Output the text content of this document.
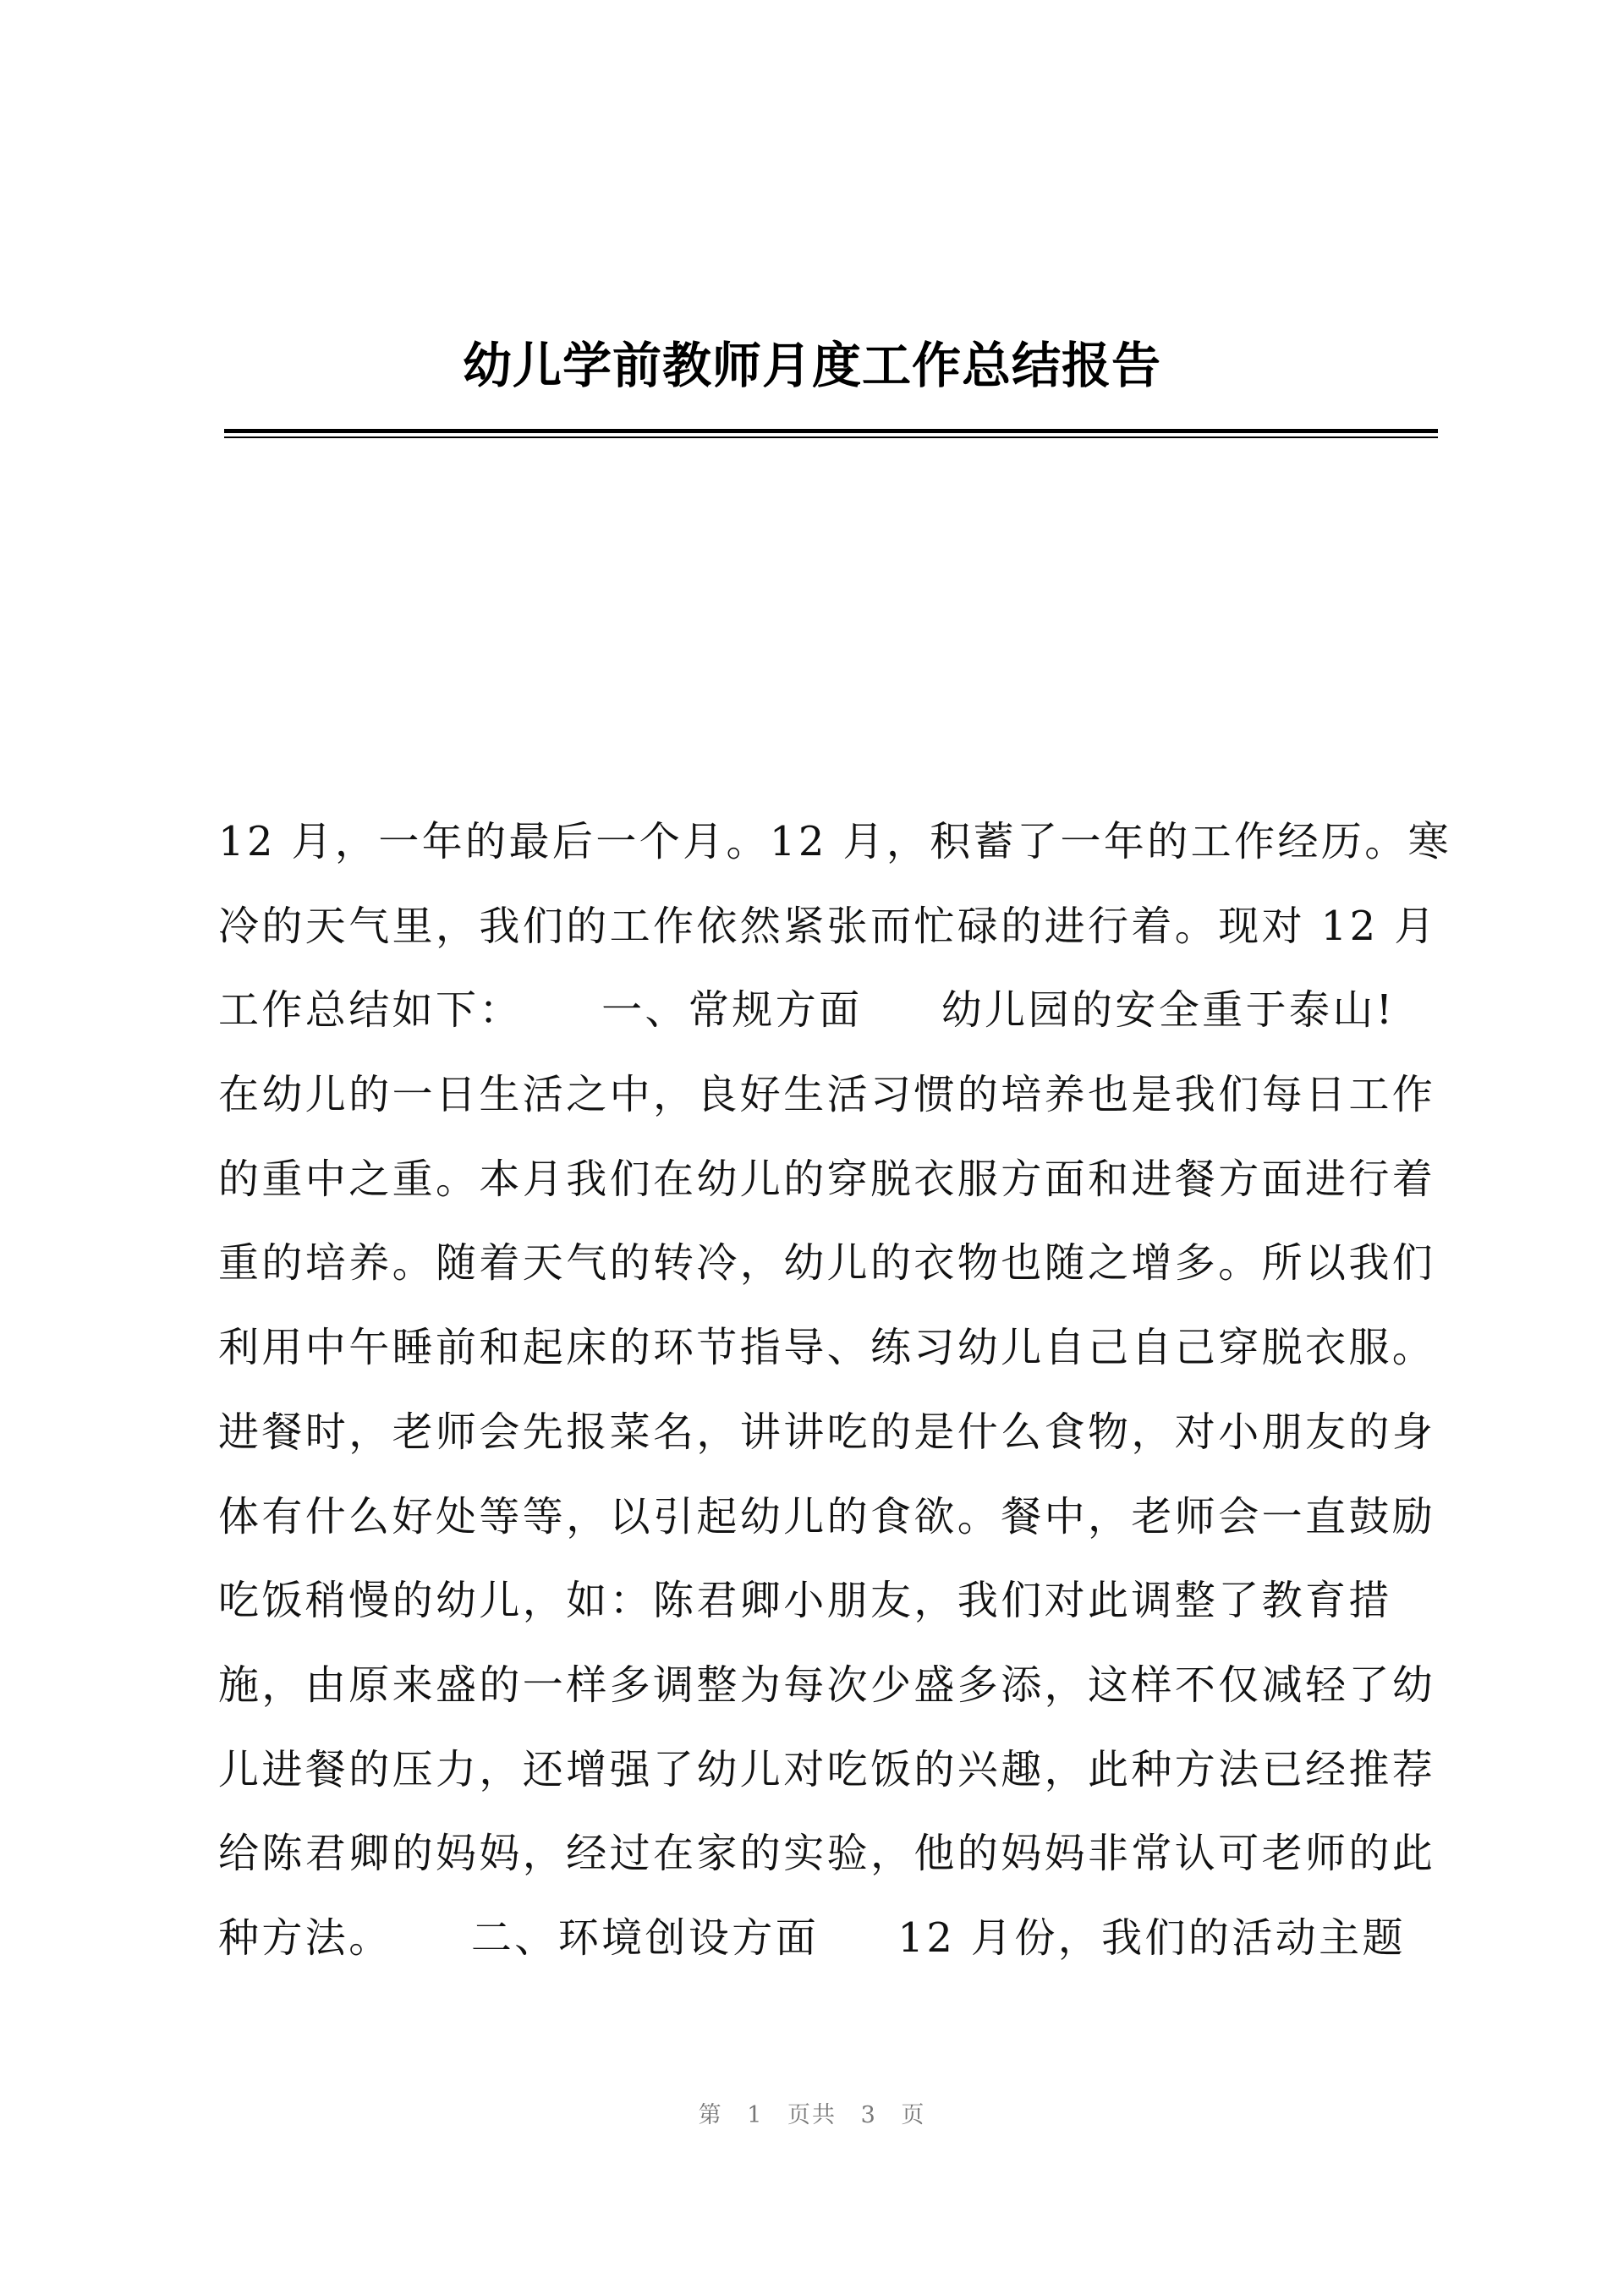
幼儿学前教师月度工作总结报告
12 月，一年的最后一个月。12 月，积蓄了一年的工作经历。寒
冷的天气里，我们的工作依然紧张而忙碌的进行着。现对 12 月
工作总结如下：     一、常规方面     幼儿园的安全重于泰山!
在幼儿的一日生活之中，良好生活习惯的培养也是我们每日工作
的重中之重。本月我们在幼儿的穿脱衣服方面和进餐方面进行着
重的培养。随着天气的转冷，幼儿的衣物也随之增多。所以我们
利用中午睡前和起床的环节指导、练习幼儿自己自己穿脱衣服。
进餐时，老师会先报菜名，讲讲吃的是什么食物，对小朋友的身
体有什么好处等等，以引起幼儿的食欲。餐中，老师会一直鼓励
吃饭稍慢的幼儿，如：陈君卿小朋友，我们对此调整了教育措
施，由原来盛的一样多调整为每次少盛多添，这样不仅减轻了幼
儿进餐的压力，还增强了幼儿对吃饭的兴趣，此种方法已经推荐
给陈君卿的妈妈，经过在家的实验，他的妈妈非常认可老师的此
种方法。     二、环境创设方面     12 月份，我们的活动主题
第 1 页共 3 页
